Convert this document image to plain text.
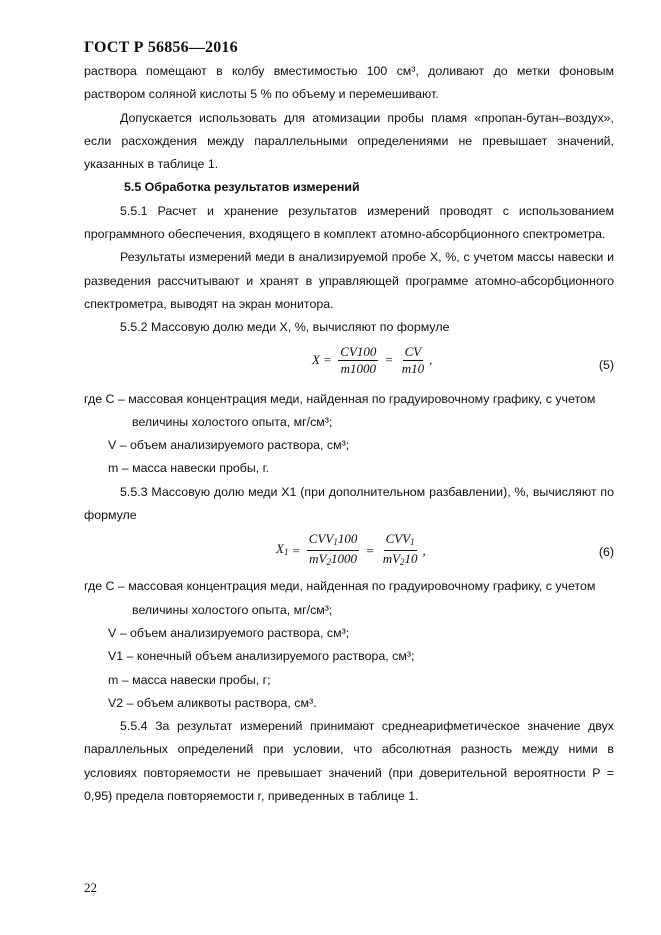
ГОСТ Р 56856—2016

раствора помещают в колбу вместимостью 100 см³, доливают до метки фоновым раствором соляной кислоты 5 % по объему и перемешивают.

Допускается использовать для атомизации пробы пламя «пропан-бутан–воздух», если расхождения между параллельными определениями не превышает значений, указанных в таблице 1.

5.5 Обработка результатов измерений

5.5.1 Расчет и хранение результатов измерений проводят с использованием программного обеспечения, входящего в комплект атомно-абсорбционного спектрометра.

Результаты измерений меди в анализируемой пробе X, %, с учетом массы навески и разведения рассчитывают и хранят в управляющей программе атомно-абсорбционного спектрометра, выводят на экран монитора.

5.5.2 Массовую долю меди X, %, вычисляют по формуле

$X = \frac{CV100}{m1000} = \frac{CV}{m10}$ ,	(5)

где C – массовая концентрация меди, найденная по градуировочному графику, с учетом величины холостого опыта, мг/см³;

V – объем анализируемого раствора, см³;

m – масса навески пробы, г.

5.5.3 Массовую долю меди X1 (при дополнительном разбавлении), %, вычисляют по формуле

$X_1 = \frac{CVV_1100}{mV_21000} = \frac{CVV_1}{mV_210}$ ,	(6)

где C – массовая концентрация меди, найденная по градуировочному графику, с учетом величины холостого опыта, мг/см³;

V – объем анализируемого раствора, см³;

V1 – конечный объем анализируемого раствора, см³;

m – масса навески пробы, г;

V2 – объем аликвоты раствора, см³.

5.5.4 За результат измерений принимают среднеарифметическое значение двух параллельных определений при условии, что абсолютная разность между ними в условиях повторяемости не превышает значений (при доверительной вероятности P = 0,95) предела повторяемости r, приведенных в таблице 1.

22
